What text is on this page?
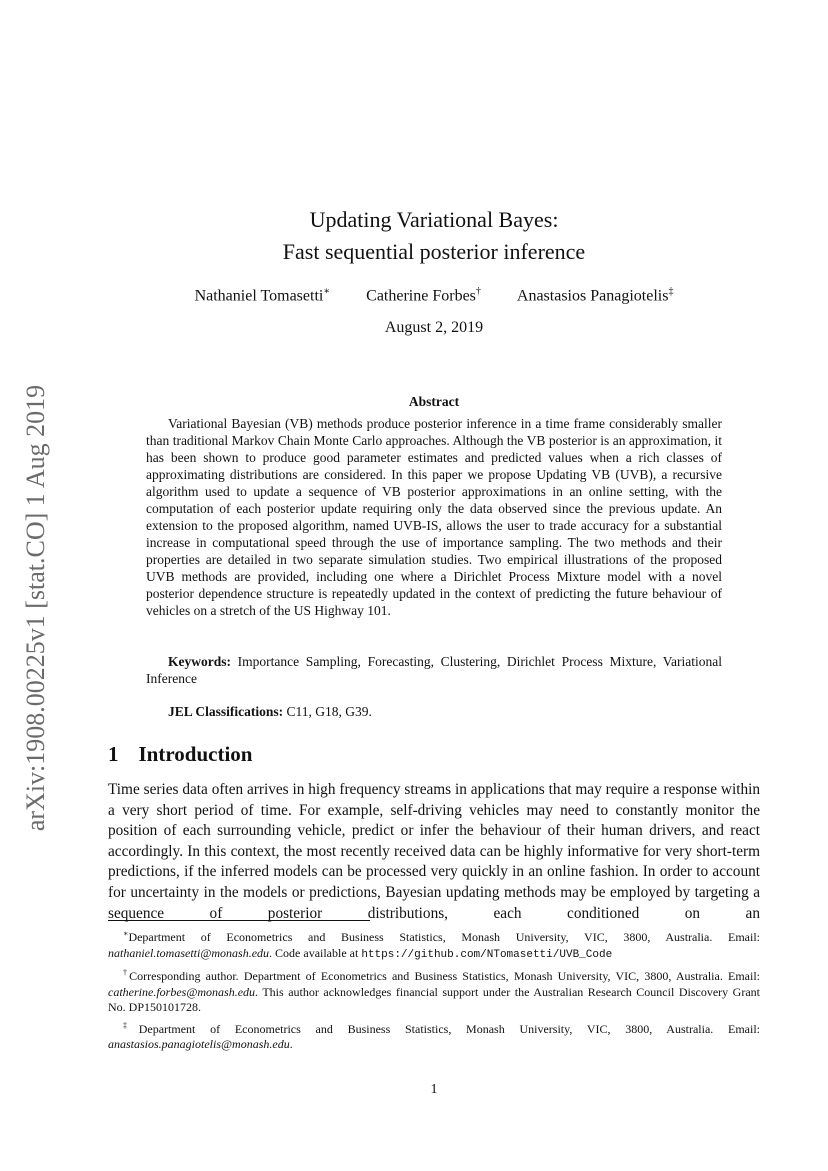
arXiv:1908.00225v1 [stat.CO] 1 Aug 2019
Updating Variational Bayes:
Fast sequential posterior inference
Nathaniel Tomasetti∗ Catherine Forbes† Anastasios Panagiotelis‡
August 2, 2019
Abstract

Variational Bayesian (VB) methods produce posterior inference in a time frame considerably smaller than traditional Markov Chain Monte Carlo approaches. Although the VB posterior is an approximation, it has been shown to produce good parameter estimates and predicted values when a rich classes of approximating distributions are considered. In this paper we propose Updating VB (UVB), a recursive algorithm used to update a sequence of VB posterior approximations in an online setting, with the computation of each posterior update requiring only the data observed since the previous update. An extension to the proposed algorithm, named UVB-IS, allows the user to trade accuracy for a substantial increase in computational speed through the use of importance sampling. The two methods and their properties are detailed in two separate simulation studies. Two empirical illustrations of the proposed UVB methods are provided, including one where a Dirichlet Process Mixture model with a novel posterior dependence structure is repeatedly updated in the context of predicting the future behaviour of vehicles on a stretch of the US Highway 101.

Keywords: Importance Sampling, Forecasting, Clustering, Dirichlet Process Mixture, Variational Inference

JEL Classifications: C11, G18, G39.

1 Introduction

Time series data often arrives in high frequency streams in applications that may require a response within a very short period of time. For example, self-driving vehicles may need to constantly monitor the position of each surrounding vehicle, predict or infer the behaviour of their human drivers, and react accordingly. In this context, the most recently received data can be highly informative for very short-term predictions, if the inferred models can be processed very quickly in an online fashion. In order to account for uncertainty in the models or predictions, Bayesian updating methods may be employed by targeting a sequence of posterior distributions, each conditioned on an

∗Department of Econometrics and Business Statistics, Monash University, VIC, 3800, Australia. Email: nathaniel.tomasetti@monash.edu. Code available at https://github.com/NTomasetti/UVB_Code

†Corresponding author. Department of Econometrics and Business Statistics, Monash University, VIC, 3800, Australia. Email: catherine.forbes@monash.edu. This author acknowledges financial support under the Australian Research Council Discovery Grant No. DP150101728.

‡Department of Econometrics and Business Statistics, Monash University, VIC, 3800, Australia. Email: anastasios.panagiotelis@monash.edu.

1
